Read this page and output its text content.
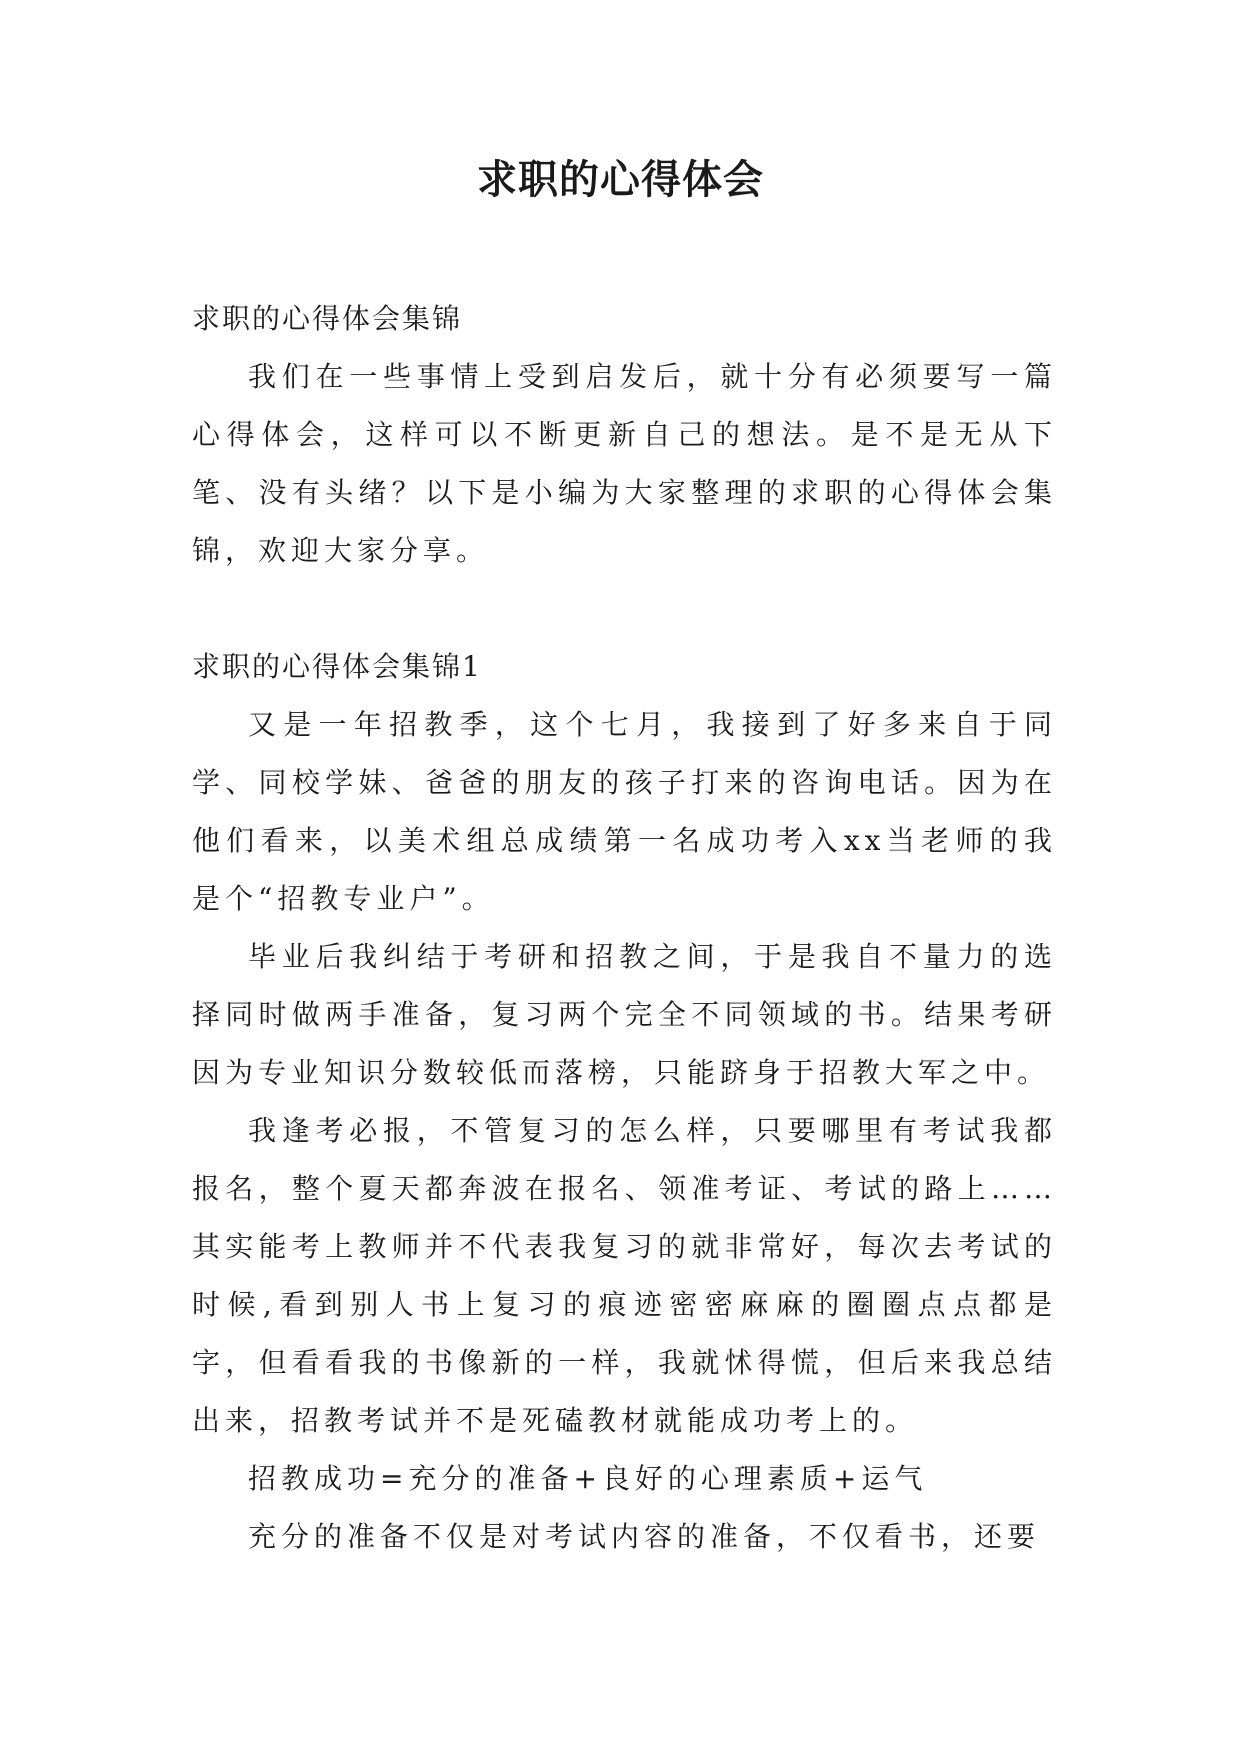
求职的心得体会

求职的心得体会集锦

我们在一些事情上受到启发后，就十分有必须要写一篇心得体会，这样可以不断更新自己的想法。是不是无从下笔、没有头绪？以下是小编为大家整理的求职的心得体会集锦，欢迎大家分享。

求职的心得体会集锦1

又是一年招教季，这个七月，我接到了好多来自于同学、同校学妹、爸爸的朋友的孩子打来的咨询电话。因为在他们看来，以美术组总成绩第一名成功考入xx当老师的我是个“招教专业户”。

毕业后我纠结于考研和招教之间，于是我自不量力的选择同时做两手准备，复习两个完全不同领域的书。结果考研因为专业知识分数较低而落榜，只能跻身于招教大军之中。

我逢考必报，不管复习的怎么样，只要哪里有考试我都报名，整个夏天都奔波在报名、领准考证、考试的路上……其实能考上教师并不代表我复习的就非常好，每次去考试的时候,看到别人书上复习的痕迹密密麻麻的圈圈点点都是字，但看看我的书像新的一样，我就怵得慌，但后来我总结出来，招教考试并不是死磕教材就能成功考上的。

招教成功=充分的准备+良好的心理素质+运气

充分的准备不仅是对考试内容的准备，不仅看书，还要
